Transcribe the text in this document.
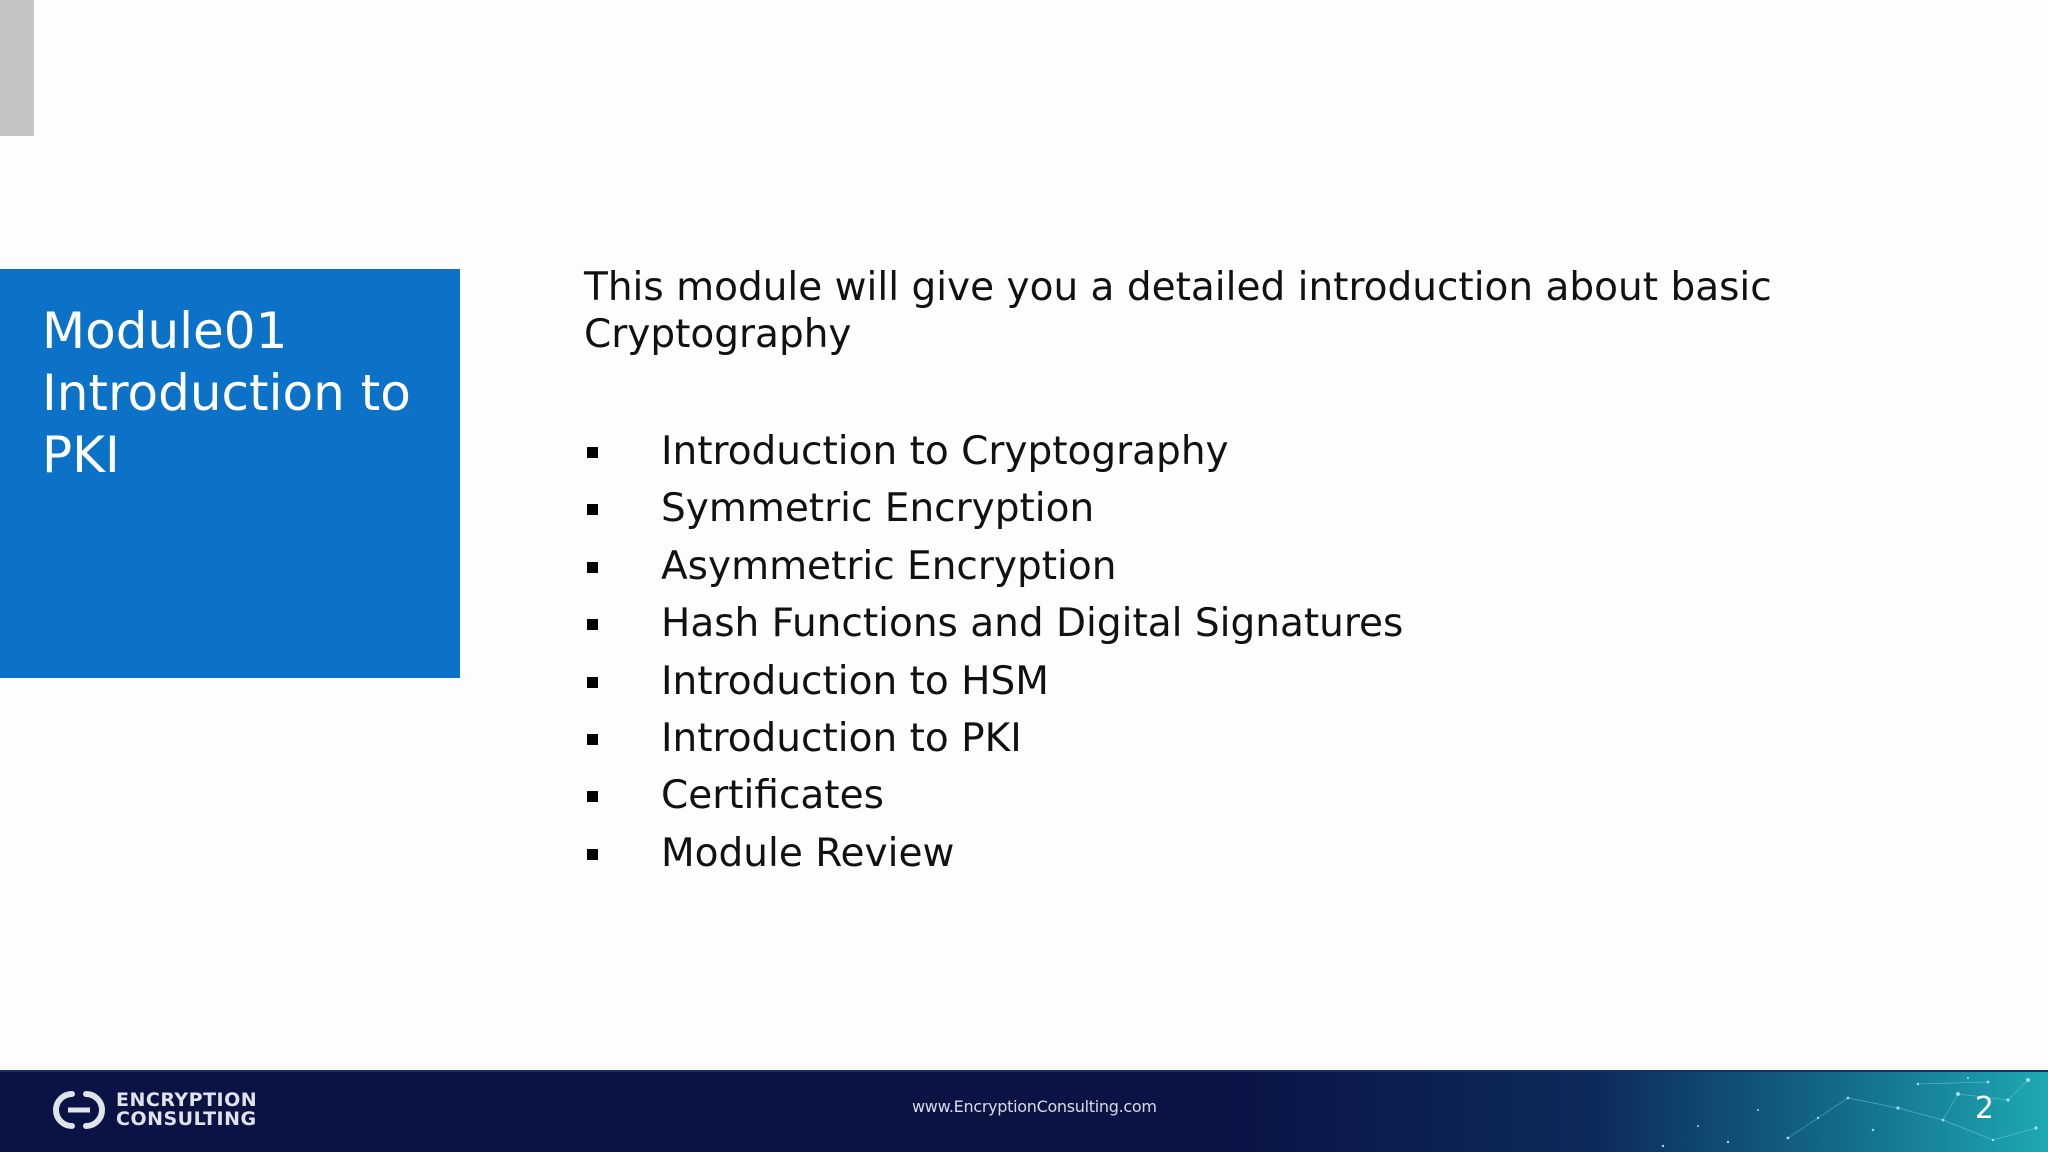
Module01
Introduction to
PKI
This module will give you a detailed introduction about basic Cryptography
Introduction to Cryptography
Symmetric Encryption
Asymmetric Encryption
Hash Functions and Digital Signatures
Introduction to HSM
Introduction to PKI
Certificates
Module Review
ENCRYPTION
CONSULTING
www.EncryptionConsulting.com	2
